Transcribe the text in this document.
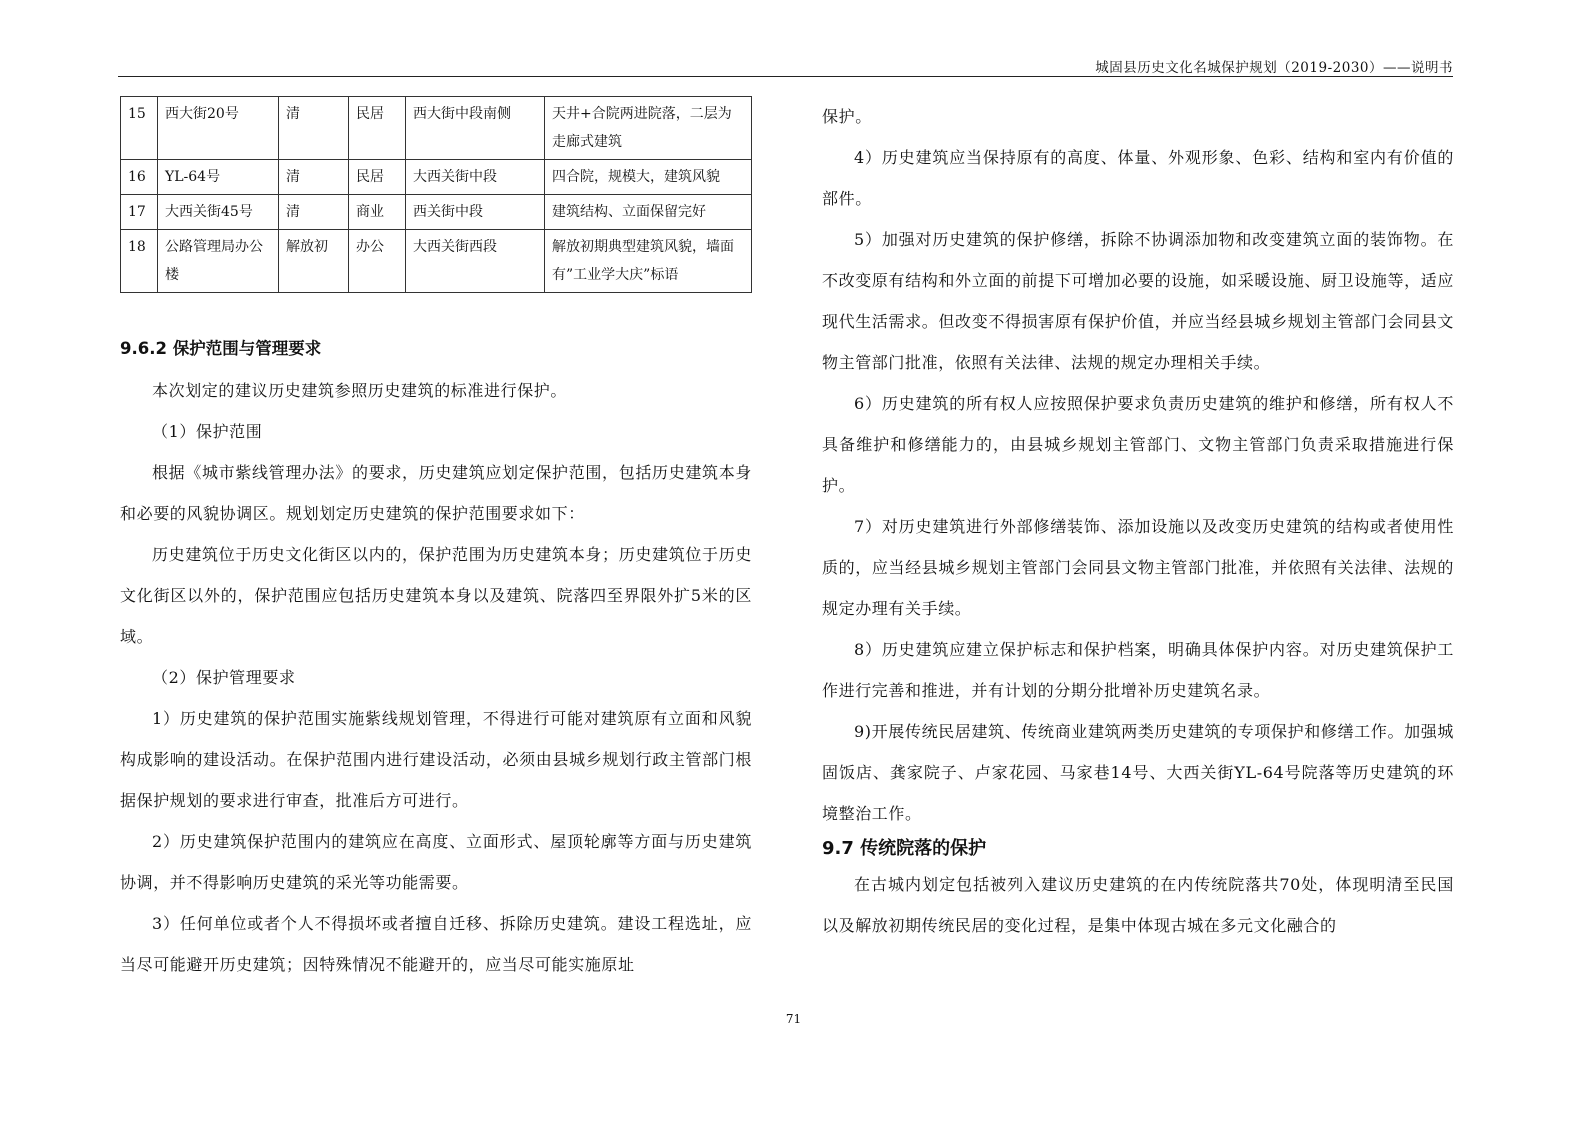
城固县历史文化名城保护规划（2019-2030）——说明书
15	西大街20号	清	民居	西大街中段南侧	天井+合院两进院落，二层为走廊式建筑
16	YL-64号	清	民居	大西关街中段	四合院，规模大，建筑风貌
17	大西关街45号	清	商业	西关街中段	建筑结构、立面保留完好
18	公路管理局办公楼	解放初	办公	大西关街西段	解放初期典型建筑风貌，墙面有”工业学大庆”标语
9.6.2 保护范围与管理要求

本次划定的建议历史建筑参照历史建筑的标准进行保护。

（1）保护范围

根据《城市紫线管理办法》的要求，历史建筑应划定保护范围，包括历史建筑本身和必要的风貌协调区。规划划定历史建筑的保护范围要求如下：

历史建筑位于历史文化街区以内的，保护范围为历史建筑本身；历史建筑位于历史文化街区以外的，保护范围应包括历史建筑本身以及建筑、院落四至界限外扩5米的区域。

（2）保护管理要求

1）历史建筑的保护范围实施紫线规划管理，不得进行可能对建筑原有立面和风貌构成影响的建设活动。在保护范围内进行建设活动，必须由县城乡规划行政主管部门根据保护规划的要求进行审查，批准后方可进行。

2）历史建筑保护范围内的建筑应在高度、立面形式、屋顶轮廓等方面与历史建筑协调，并不得影响历史建筑的采光等功能需要。

3）任何单位或者个人不得损坏或者擅自迁移、拆除历史建筑。建设工程选址，应当尽可能避开历史建筑；因特殊情况不能避开的，应当尽可能实施原址

保护。

4）历史建筑应当保持原有的高度、体量、外观形象、色彩、结构和室内有价值的部件。

5）加强对历史建筑的保护修缮，拆除不协调添加物和改变建筑立面的装饰物。在不改变原有结构和外立面的前提下可增加必要的设施，如采暖设施、厨卫设施等，适应现代生活需求。但改变不得损害原有保护价值，并应当经县城乡规划主管部门会同县文物主管部门批准，依照有关法律、法规的规定办理相关手续。

6）历史建筑的所有权人应按照保护要求负责历史建筑的维护和修缮，所有权人不具备维护和修缮能力的，由县城乡规划主管部门、文物主管部门负责采取措施进行保护。

7）对历史建筑进行外部修缮装饰、添加设施以及改变历史建筑的结构或者使用性质的，应当经县城乡规划主管部门会同县文物主管部门批准，并依照有关法律、法规的规定办理有关手续。

8）历史建筑应建立保护标志和保护档案，明确具体保护内容。对历史建筑保护工作进行完善和推进，并有计划的分期分批增补历史建筑名录。

9)开展传统民居建筑、传统商业建筑两类历史建筑的专项保护和修缮工作。加强城固饭店、龚家院子、卢家花园、马家巷14号、大西关街YL-64号院落等历史建筑的环境整治工作。

9.7 传统院落的保护

在古城内划定包括被列入建议历史建筑的在内传统院落共70处，体现明清至民国以及解放初期传统民居的变化过程，是集中体现古城在多元文化融合的

71
